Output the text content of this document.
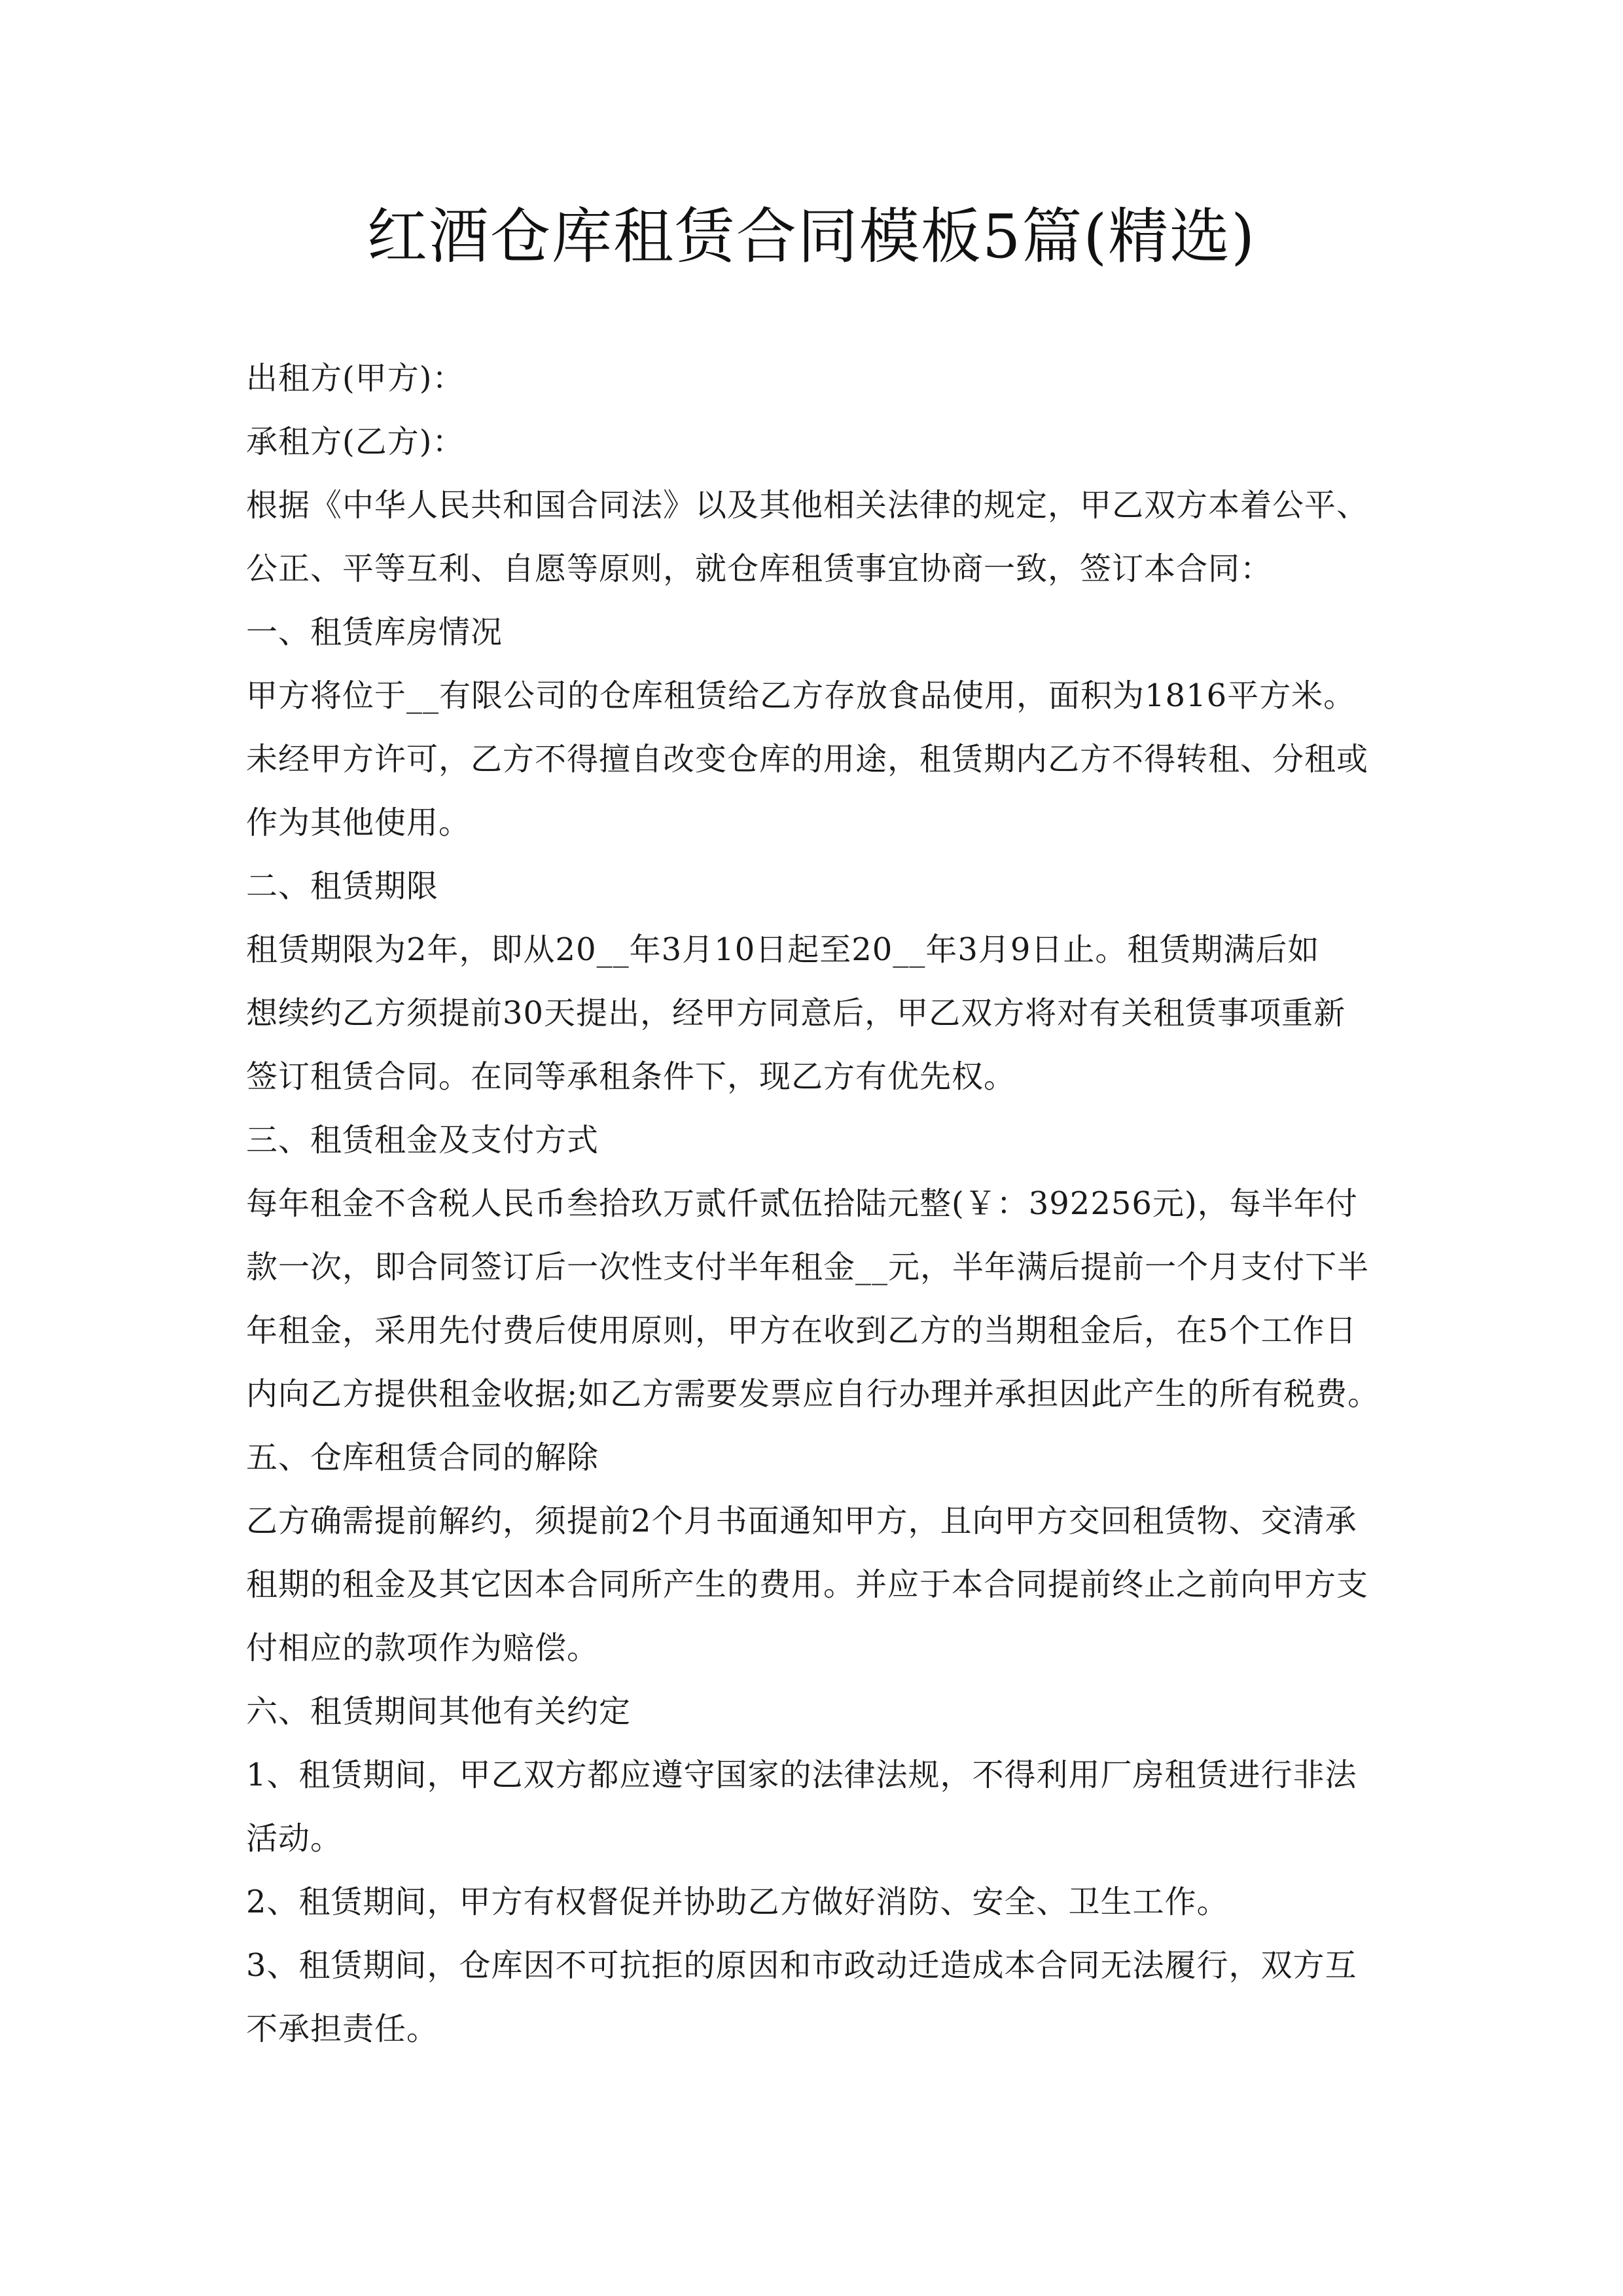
红酒仓库租赁合同模板5篇(精选)
出租方(甲方)：
承租方(乙方)：
根据《中华人民共和国合同法》以及其他相关法律的规定，甲乙双方本着公平、
公正、平等互利、自愿等原则，就仓库租赁事宜协商一致，签订本合同：
一、租赁库房情况
甲方将位于__有限公司的仓库租赁给乙方存放食品使用，面积为1816平方米。
未经甲方许可，乙方不得擅自改变仓库的用途，租赁期内乙方不得转租、分租或
作为其他使用。
二、租赁期限
租赁期限为2年，即从20__年3月10日起至20__年3月9日止。租赁期满后如
想续约乙方须提前30天提出，经甲方同意后，甲乙双方将对有关租赁事项重新
签订租赁合同。在同等承租条件下，现乙方有优先权。
三、租赁租金及支付方式
每年租金不含税人民币叁拾玖万贰仟贰伍拾陆元整(￥：392256元)，每半年付
款一次，即合同签订后一次性支付半年租金__元，半年满后提前一个月支付下半
年租金，采用先付费后使用原则，甲方在收到乙方的当期租金后，在5个工作日
内向乙方提供租金收据;如乙方需要发票应自行办理并承担因此产生的所有税费。
五、仓库租赁合同的解除
乙方确需提前解约，须提前2个月书面通知甲方，且向甲方交回租赁物、交清承
租期的租金及其它因本合同所产生的费用。并应于本合同提前终止之前向甲方支
付相应的款项作为赔偿。
六、租赁期间其他有关约定
1、租赁期间，甲乙双方都应遵守国家的法律法规，不得利用厂房租赁进行非法
活动。
2、租赁期间，甲方有权督促并协助乙方做好消防、安全、卫生工作。
3、租赁期间，仓库因不可抗拒的原因和市政动迁造成本合同无法履行，双方互
不承担责任。
